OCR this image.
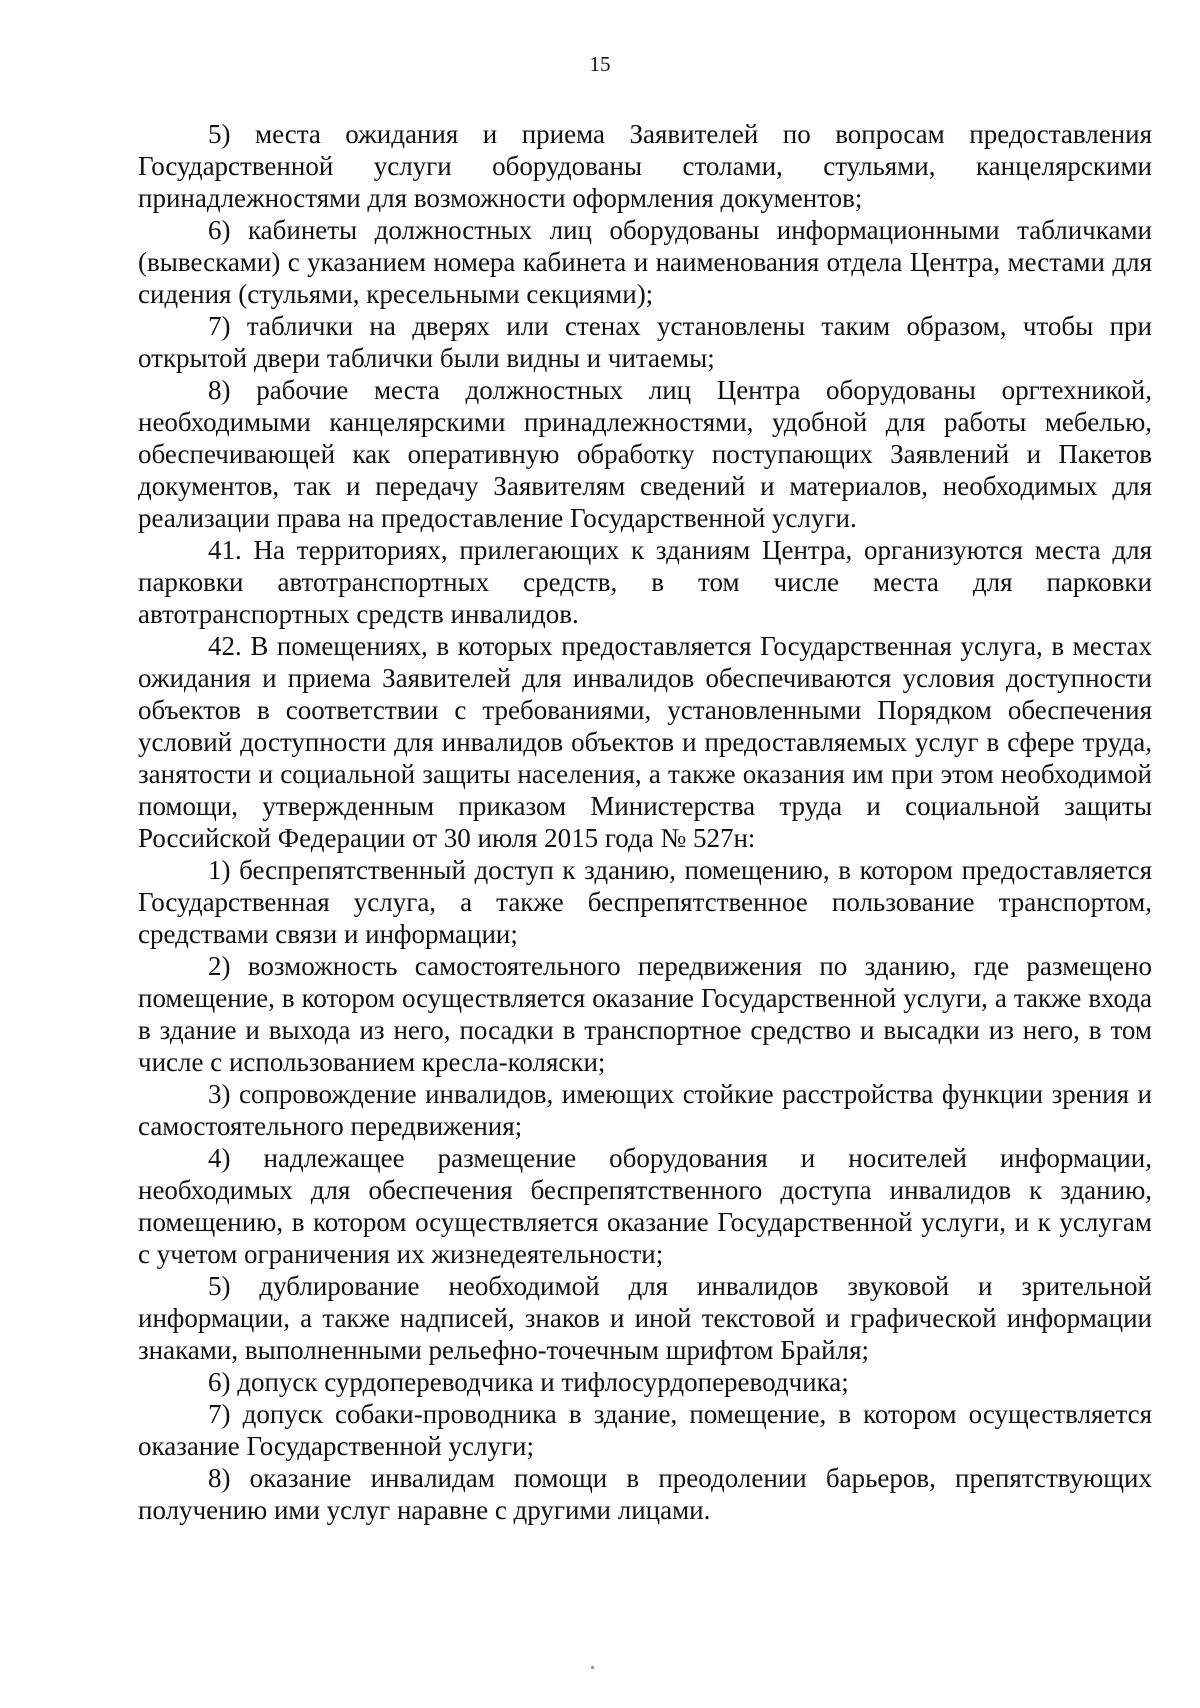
15

5) места ожидания и приема Заявителей по вопросам предоставления Государственной услуги оборудованы столами, стульями, канцелярскими принадлежностями для возможности оформления документов;

6) кабинеты должностных лиц оборудованы информационными табличками (вывесками) с указанием номера кабинета и наименования отдела Центра, местами для сидения (стульями, кресельными секциями);

7) таблички на дверях или стенах установлены таким образом, чтобы при открытой двери таблички были видны и читаемы;

8) рабочие места должностных лиц Центра оборудованы оргтехникой, необходимыми канцелярскими принадлежностями, удобной для работы мебелью, обеспечивающей как оперативную обработку поступающих Заявлений и Пакетов документов, так и передачу Заявителям сведений и материалов, необходимых для реализации права на предоставление Государственной услуги.

41. На территориях, прилегающих к зданиям Центра, организуются места для парковки автотранспортных средств, в том числе места для парковки автотранспортных средств инвалидов.

42. В помещениях, в которых предоставляется Государственная услуга, в местах ожидания и приема Заявителей для инвалидов обеспечиваются условия доступности объектов в соответствии с требованиями, установленными Порядком обеспечения условий доступности для инвалидов объектов и предоставляемых услуг в сфере труда, занятости и социальной защиты населения, а также оказания им при этом необходимой помощи, утвержденным приказом Министерства труда и социальной защиты Российской Федерации от 30 июля 2015 года № 527н:

1) беспрепятственный доступ к зданию, помещению, в котором предоставляется Государственная услуга, а также беспрепятственное пользование транспортом, средствами связи и информации;

2) возможность самостоятельного передвижения по зданию, где размещено помещение, в котором осуществляется оказание Государственной услуги, а также входа в здание и выхода из него, посадки в транспортное средство и высадки из него, в том числе с использованием кресла-коляски;

3) сопровождение инвалидов, имеющих стойкие расстройства функции зрения и самостоятельного передвижения;

4) надлежащее размещение оборудования и носителей информации, необходимых для обеспечения беспрепятственного доступа инвалидов к зданию, помещению, в котором осуществляется оказание Государственной услуги, и к услугам с учетом ограничения их жизнедеятельности;

5) дублирование необходимой для инвалидов звуковой и зрительной информации, а также надписей, знаков и иной текстовой и графической информации знаками, выполненными рельефно-точечным шрифтом Брайля;

6) допуск сурдопереводчика и тифлосурдопереводчика;

7) допуск собаки-проводника в здание, помещение, в котором осуществляется оказание Государственной услуги;

8) оказание инвалидам помощи в преодолении барьеров, препятствующих получению ими услуг наравне с другими лицами.
